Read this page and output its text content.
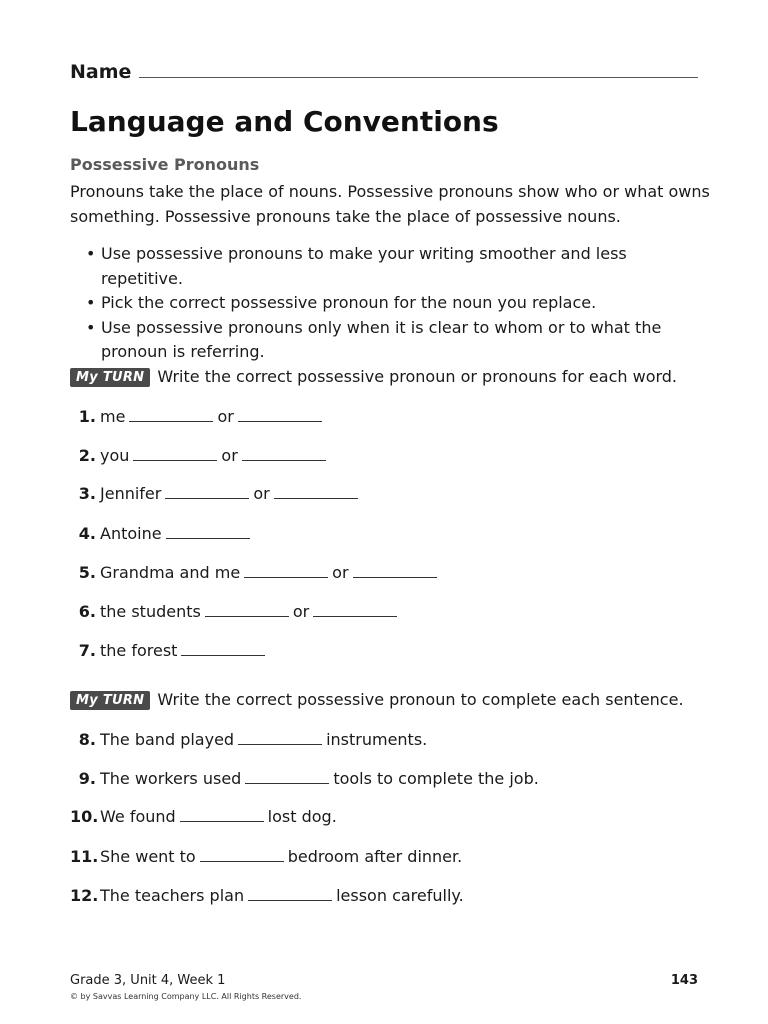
Name
Language and Conventions
Possessive Pronouns

Pronouns take the place of nouns. Possessive pronouns show who or what owns something. Possessive pronouns take the place of possessive nouns.

• Use possessive pronouns to make your writing smoother and less repetitive.
• Pick the correct possessive pronoun for the noun you replace.
• Use possessive pronouns only when it is clear to whom or to what the pronoun is referring.
My TURN Write the correct possessive pronoun or pronouns for each word.
1. me	or
2. you	or
3. Jennifer	or
4. Antoine
5. Grandma and me	or
6. the students	or
7. the forest
My TURN Write the correct possessive pronoun to complete each sentence.
8. The band played	instruments.
9. The workers used	tools to complete the job.
10. We found	lost dog.
11. She went to	bedroom after dinner.
12. The teachers plan	lesson carefully.
Grade 3, Unit 4, Week 1
© by Savvas Learning Company LLC. All Rights Reserved.
143
